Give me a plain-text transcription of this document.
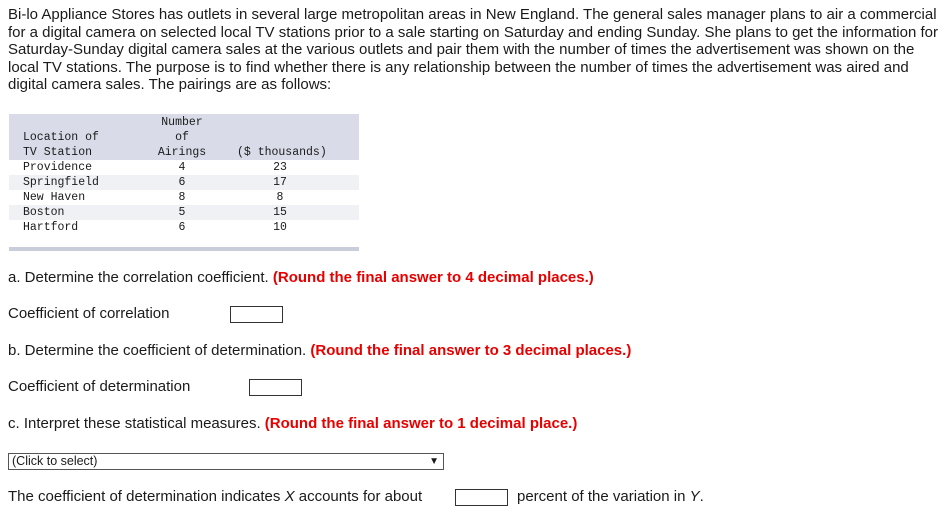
Bi-lo Appliance Stores has outlets in several large metropolitan areas in New England. The general sales manager plans to air a commercial for a digital camera on selected local TV stations prior to a sale starting on Saturday and ending Sunday. She plans to get the information for Saturday-Sunday digital camera sales at the various outlets and pair them with the number of times the advertisement was shown on the local TV stations. The purpose is to find whether there is any relationship between the number of times the advertisement was aired and digital camera sales. The pairings are as follows:

Number
of
Location of
TV Station	Airings	($ thousands)
Providence	4	23
Springfield	6	17
New Haven	8	8
Boston	5	15
Hartford	6	10

a. Determine the correlation coefficient. (Round the final answer to 4 decimal places.)

Coefficient of correlation

b. Determine the coefficient of determination. (Round the final answer to 3 decimal places.)

Coefficient of determination

c. Interpret these statistical measures. (Round the final answer to 1 decimal place.)

(Click to select)	▼

The coefficient of determination indicates X accounts for about	percent of the variation in Y.
